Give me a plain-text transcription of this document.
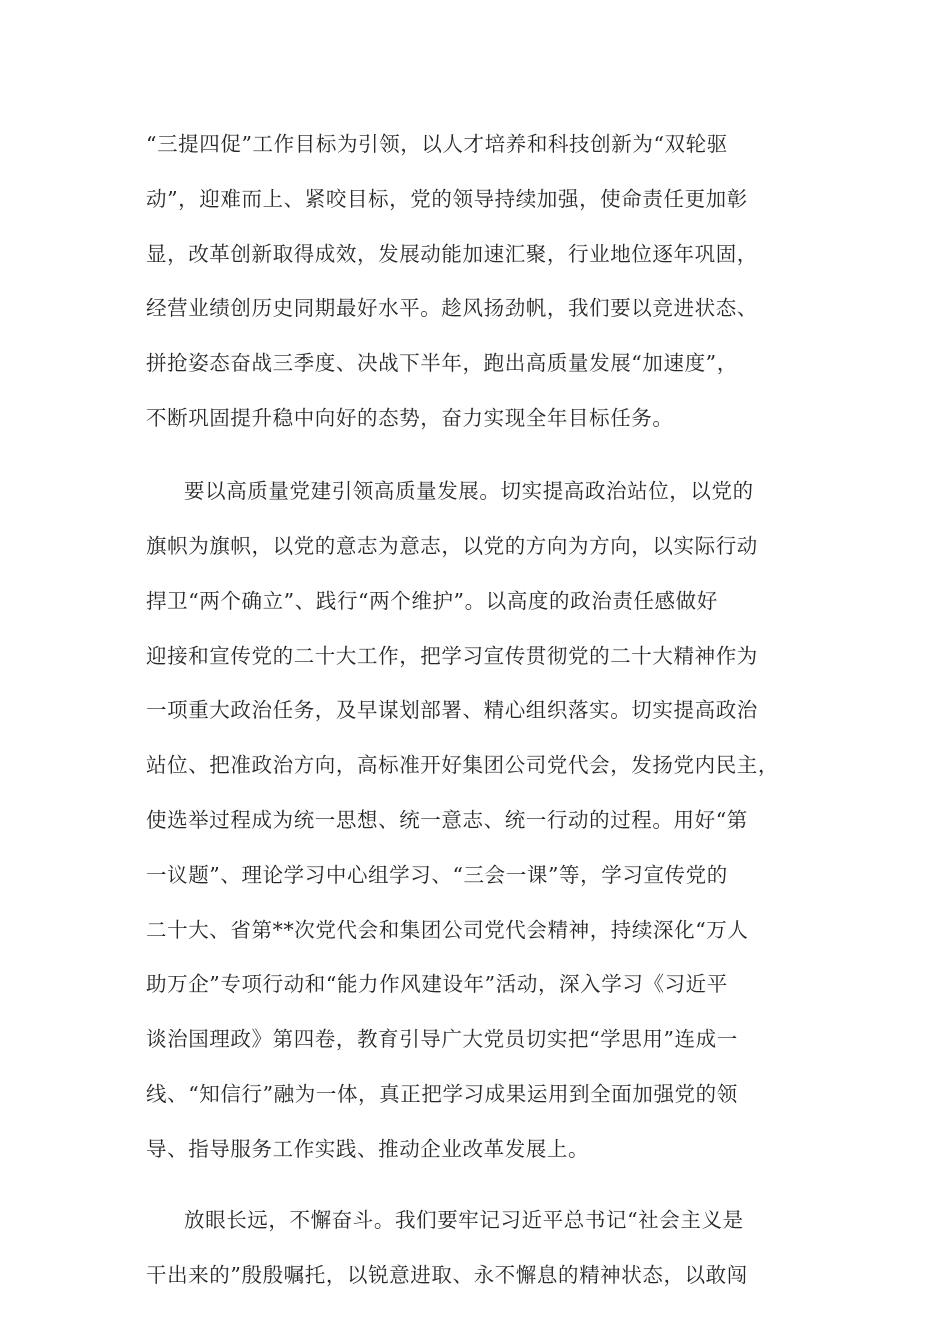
“三提四促”工作目标为引领，以人才培养和科技创新为“双轮驱
动”，迎难而上、紧咬目标，党的领导持续加强，使命责任更加彰
显，改革创新取得成效，发展动能加速汇聚，行业地位逐年巩固，
经营业绩创历史同期最好水平。趁风扬劲帆，我们要以竞进状态、
拼抢姿态奋战三季度、决战下半年，跑出高质量发展“加速度”，
不断巩固提升稳中向好的态势，奋力实现全年目标任务。
要以高质量党建引领高质量发展。切实提高政治站位，以党的
旗帜为旗帜，以党的意志为意志，以党的方向为方向，以实际行动
捍卫“两个确立”、践行“两个维护”。以高度的政治责任感做好
迎接和宣传党的二十大工作，把学习宣传贯彻党的二十大精神作为
一项重大政治任务，及早谋划部署、精心组织落实。切实提高政治
站位、把准政治方向，高标准开好集团公司党代会，发扬党内民主，
使选举过程成为统一思想、统一意志、统一行动的过程。用好“第
一议题”、理论学习中心组学习、“三会一课”等，学习宣传党的
二十大、省第**次党代会和集团公司党代会精神，持续深化“万人
助万企”专项行动和“能力作风建设年”活动，深入学习《习近平
谈治国理政》第四卷，教育引导广大党员切实把“学思用”连成一
线、“知信行”融为一体，真正把学习成果运用到全面加强党的领
导、指导服务工作实践、推动企业改革发展上。
放眼长远，不懈奋斗。我们要牢记习近平总书记“社会主义是
干出来的”殷殷嘱托，以锐意进取、永不懈息的精神状态，以敢闯
